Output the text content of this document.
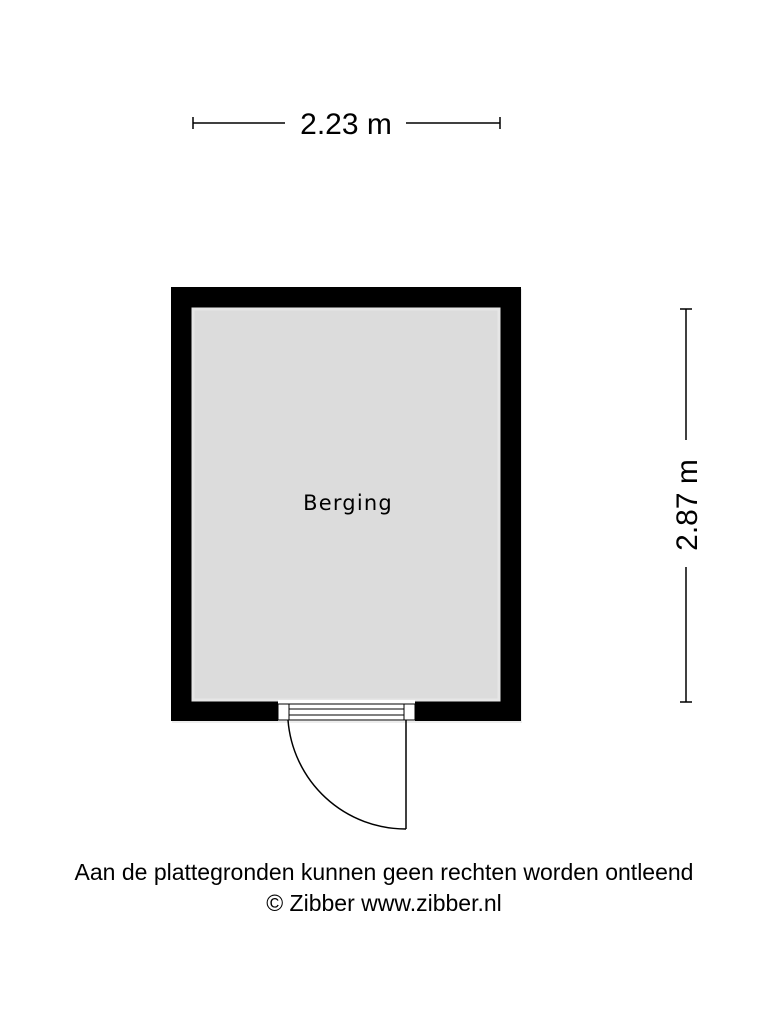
2.23 m
2.87 m
Berging
Aan de plattegronden kunnen geen rechten worden ontleend
© Zibber www.zibber.nl
